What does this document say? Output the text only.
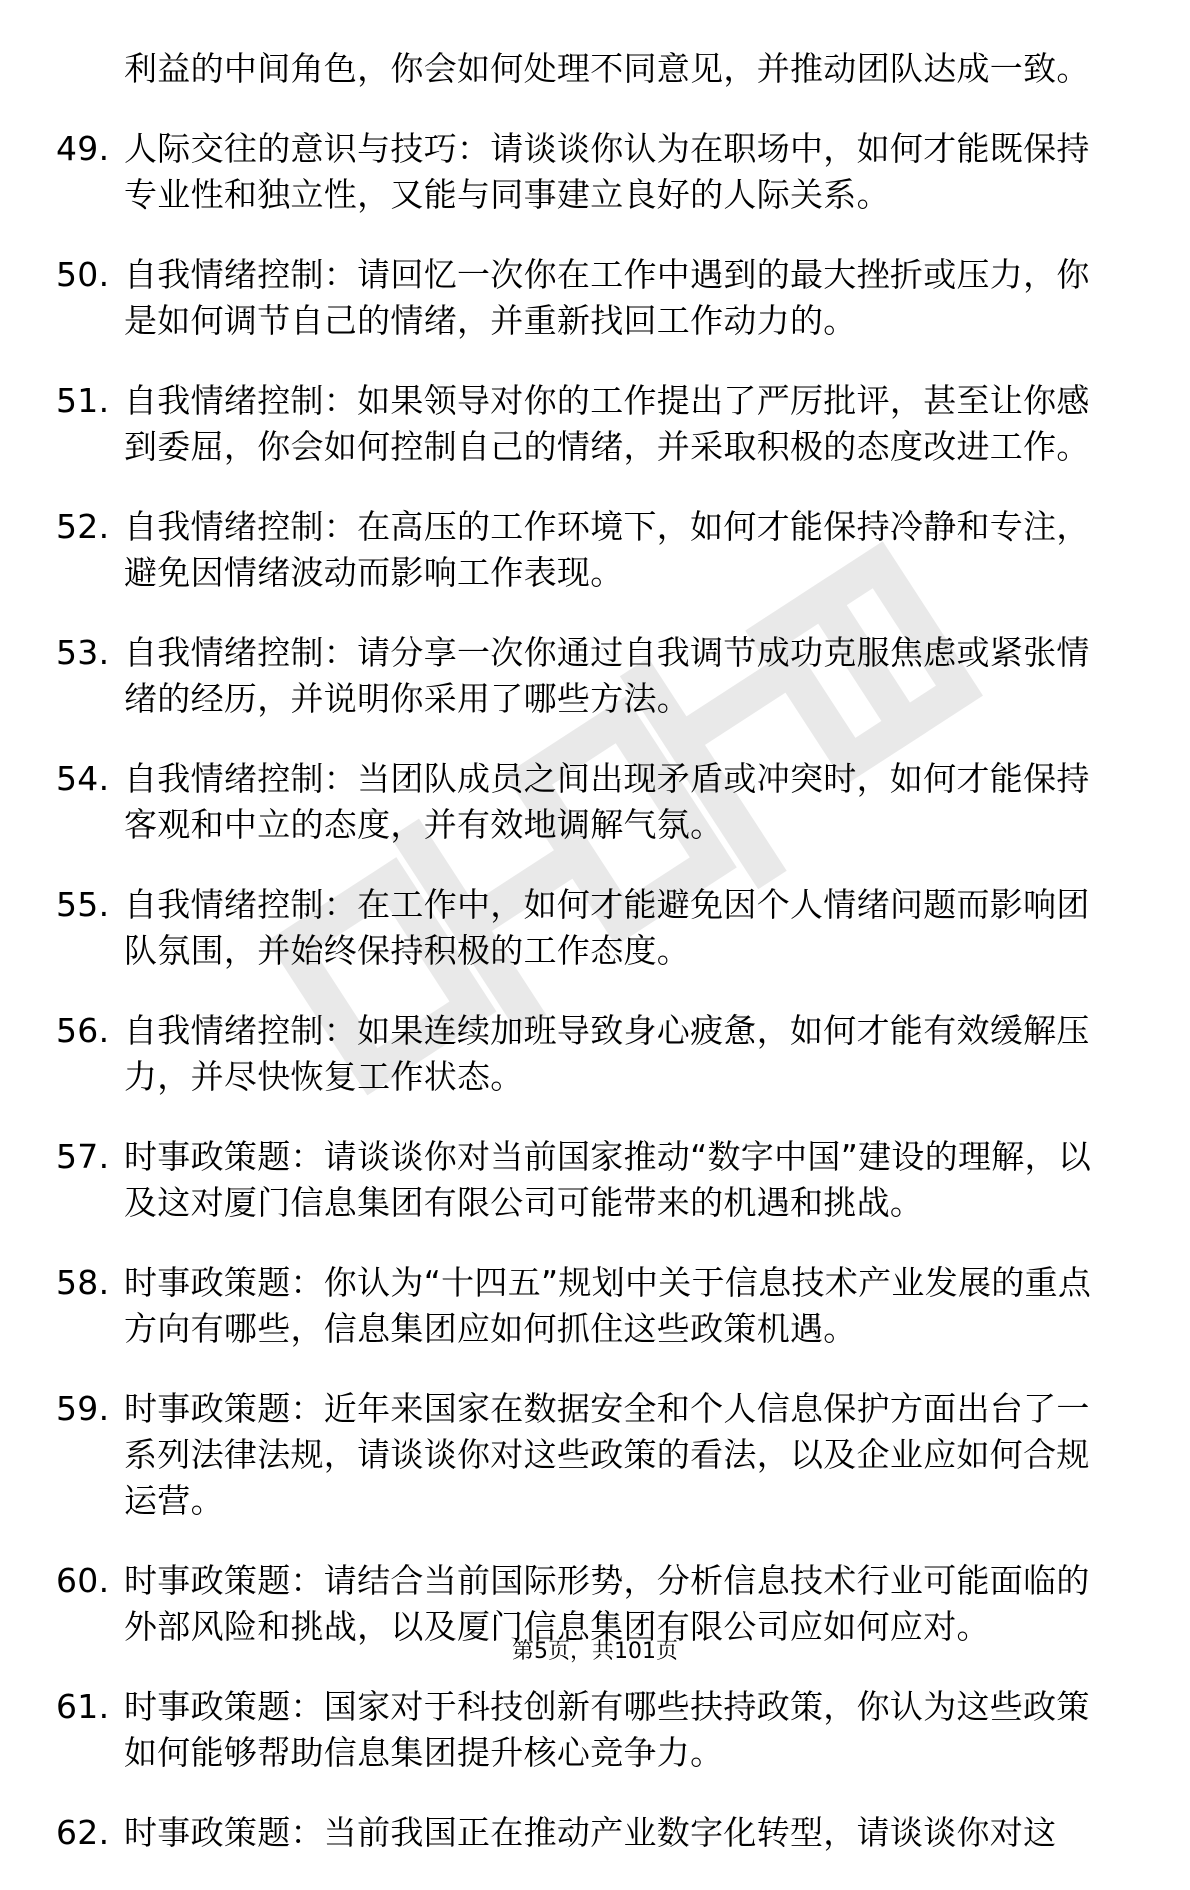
利益的中间角色，你会如何处理不同意见，并推动团队达成一致。
49. 人际交往的意识与技巧：请谈谈你认为在职场中，如何才能既保持专业性和独立性，又能与同事建立良好的人际关系。
50. 自我情绪控制：请回忆一次你在工作中遇到的最大挫折或压力，你是如何调节自己的情绪，并重新找回工作动力的。
51. 自我情绪控制：如果领导对你的工作提出了严厉批评，甚至让你感到委屈，你会如何控制自己的情绪，并采取积极的态度改进工作。
52. 自我情绪控制：在高压的工作环境下，如何才能保持冷静和专注，避免因情绪波动而影响工作表现。
53. 自我情绪控制：请分享一次你通过自我调节成功克服焦虑或紧张情绪的经历，并说明你采用了哪些方法。
54. 自我情绪控制：当团队成员之间出现矛盾或冲突时，如何才能保持客观和中立的态度，并有效地调解气氛。
55. 自我情绪控制：在工作中，如何才能避免因个人情绪问题而影响团队氛围，并始终保持积极的工作态度。
56. 自我情绪控制：如果连续加班导致身心疲惫，如何才能有效缓解压力，并尽快恢复工作状态。
57. 时事政策题：请谈谈你对当前国家推动“数字中国”建设的理解，以及这对厦门信息集团有限公司可能带来的机遇和挑战。
58. 时事政策题：你认为“十四五”规划中关于信息技术产业发展的重点方向有哪些，信息集团应如何抓住这些政策机遇。
59. 时事政策题：近年来国家在数据安全和个人信息保护方面出台了一系列法律法规，请谈谈你对这些政策的看法，以及企业应如何合规运营。
60. 时事政策题：请结合当前国际形势，分析信息技术行业可能面临的外部风险和挑战，以及厦门信息集团有限公司应如何应对。
61. 时事政策题：国家对于科技创新有哪些扶持政策，你认为这些政策如何能够帮助信息集团提升核心竞争力。
62. 时事政策题：当前我国正在推动产业数字化转型，请谈谈你对这
第5页，共101页
